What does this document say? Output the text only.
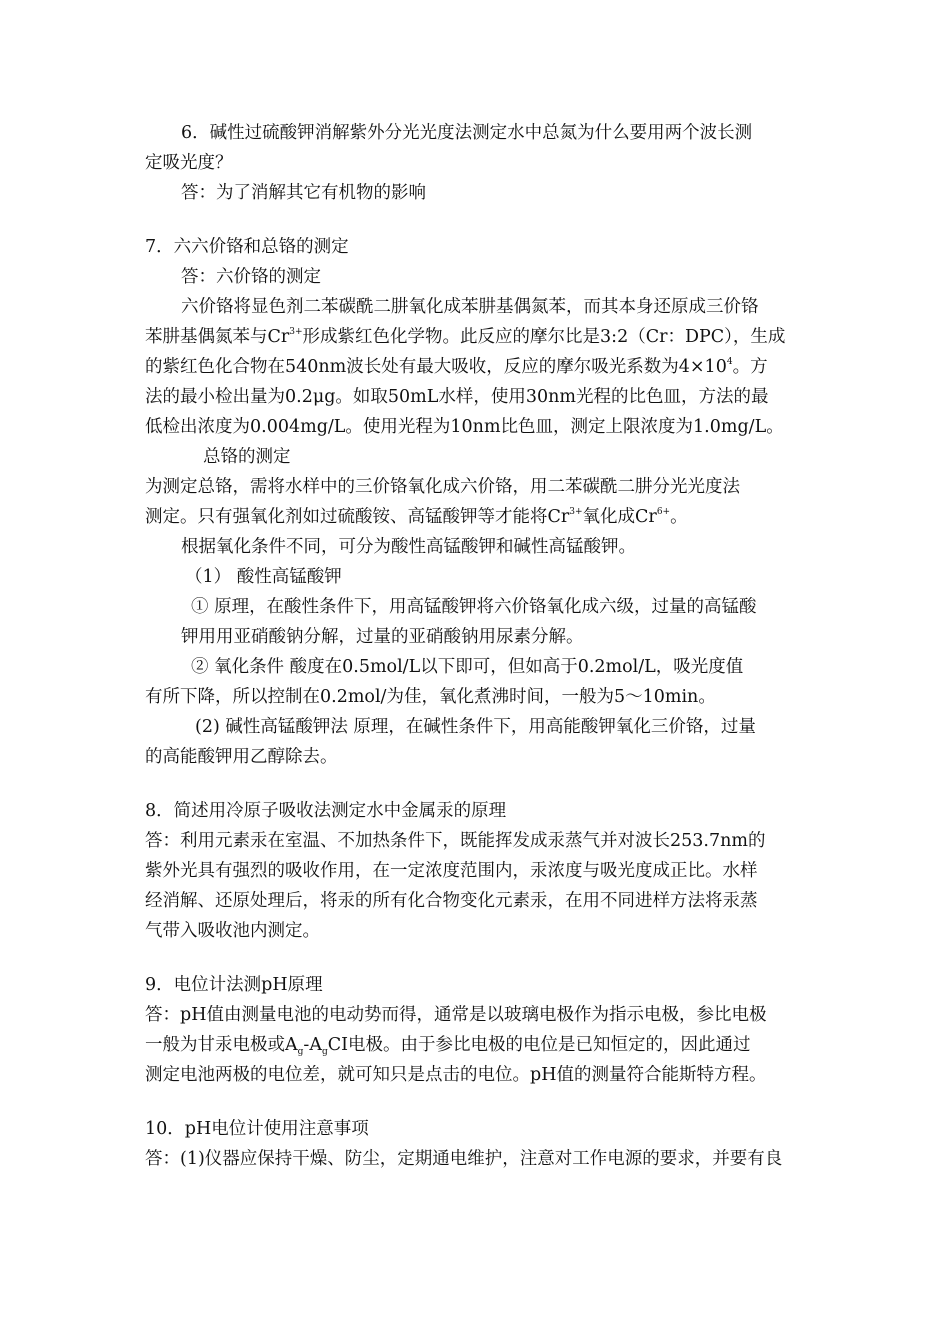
6．碱性过硫酸钾消解紫外分光光度法测定水中总氮为什么要用两个波长测

定吸光度？

答：为了消解其它有机物的影响

7．六六价铬和总铬的测定

答：六价铬的测定

六价铬将显色剂二苯碳酰二肼氧化成苯肼基偶氮苯，而其本身还原成三价铬

苯肼基偶氮苯与$Cr^{3+}$形成紫红色化学物。此反应的摩尔比是3:2（Cr：DPC），生成

的紫红色化合物在540nm波长处有最大吸收，反应的摩尔吸光系数为$4\times 10^4$。方

法的最小检出量为0.2μg。如取50mL水样，使用30nm光程的比色皿，方法的最

低检出浓度为0.004mg/L。使用光程为10nm比色皿，测定上限浓度为1.0mg/L。

总铬的测定

为测定总铬，需将水样中的三价铬氧化成六价铬，用二苯碳酰二肼分光光度法

测定。只有强氧化剂如过硫酸铵、高锰酸钾等才能将$Cr^{3+}$氧化成$Cr^{6+}$。

根据氧化条件不同，可分为酸性高锰酸钾和碱性高锰酸钾。

（1） 酸性高锰酸钾

① 原理，在酸性条件下，用高锰酸钾将六价铬氧化成六级，过量的高锰酸

钾用用亚硝酸钠分解，过量的亚硝酸钠用尿素分解。

② 氧化条件 酸度在0.5mol/L以下即可，但如高于0.2mol/L，吸光度值

有所下降，所以控制在0.2mol/为佳，氧化煮沸时间，一般为5～10min。

(2) 碱性高锰酸钾法 原理，在碱性条件下，用高能酸钾氧化三价铬，过量

的高能酸钾用乙醇除去。

8．简述用冷原子吸收法测定水中金属汞的原理

答：利用元素汞在室温、不加热条件下，既能挥发成汞蒸气并对波长253.7nm的

紫外光具有强烈的吸收作用，在一定浓度范围内，汞浓度与吸光度成正比。水样

经消解、还原处理后，将汞的所有化合物变化元素汞，在用不同进样方法将汞蒸

气带入吸收池内测定。

9．电位计法测pH原理

答：pH值由测量电池的电动势而得，通常是以玻璃电极作为指示电极，参比电极

一般为甘汞电极或$A_g-A_gCI$电极。由于参比电极的电位是已知恒定的，因此通过

测定电池两极的电位差，就可知只是点击的电位。pH值的测量符合能斯特方程。

10．pH电位计使用注意事项

答：(1)仪器应保持干燥、防尘，定期通电维护，注意对工作电源的要求，并要有良
